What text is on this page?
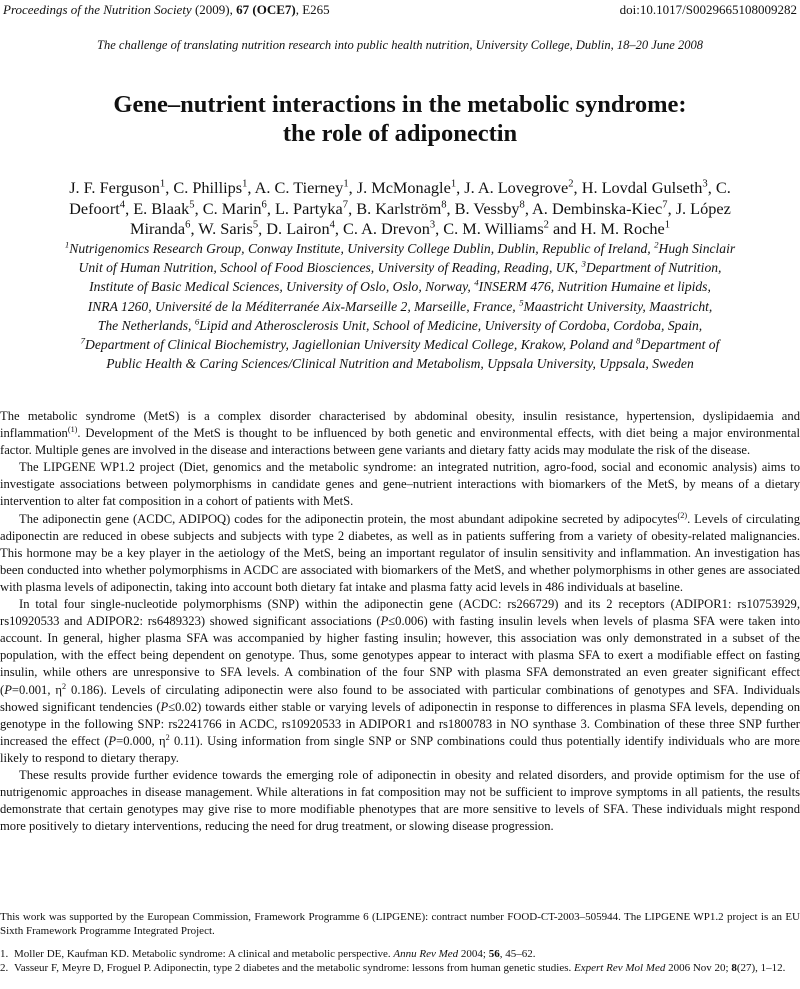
Proceedings of the Nutrition Society (2009), 67 (OCE7), E265	doi:10.1017/S0029665108009282
The challenge of translating nutrition research into public health nutrition, University College, Dublin, 18–20 June 2008
Gene–nutrient interactions in the metabolic syndrome:
the role of adiponectin
J. F. Ferguson$^1$, C. Phillips$^1$, A. C. Tierney$^1$, J. McMonagle$^1$, J. A. Lovegrove$^2$, H. Lovdal Gulseth$^3$, C.
Defoort$^4$, E. Blaak$^5$, C. Marin$^6$, L. Partyka$^7$, B. Karlström$^8$, B. Vessby$^8$, A. Dembinska-Kiec$^7$, J. López
Miranda$^6$, W. Saris$^5$, D. Lairon$^4$, C. A. Drevon$^3$, C. M. Williams$^2$ and H. M. Roche$^1$
$^1$Nutrigenomics Research Group, Conway Institute, University College Dublin, Dublin, Republic of Ireland, $^2$Hugh Sinclair
Unit of Human Nutrition, School of Food Biosciences, University of Reading, Reading, UK, $^3$Department of Nutrition,
Institute of Basic Medical Sciences, University of Oslo, Oslo, Norway, $^4$INSERM 476, Nutrition Humaine et lipids,
INRA 1260, Université de la Méditerranée Aix-Marseille 2, Marseille, France, $^5$Maastricht University, Maastricht,
The Netherlands, $^6$Lipid and Atherosclerosis Unit, School of Medicine, University of Cordoba, Cordoba, Spain,
$^7$Department of Clinical Biochemistry, Jagiellonian University Medical College, Krakow, Poland and $^8$Department of
Public Health & Caring Sciences/Clinical Nutrition and Metabolism, Uppsala University, Uppsala, Sweden

The metabolic syndrome (MetS) is a complex disorder characterised by abdominal obesity, insulin resistance, hypertension, dyslipidaemia and inflammation$^{(1)}$. Development of the MetS is thought to be influenced by both genetic and environmental effects, with diet being a major environmental factor. Multiple genes are involved in the disease and interactions between gene variants and dietary fatty acids may modulate the risk of the disease.

The LIPGENE WP1.2 project (Diet, genomics and the metabolic syndrome: an integrated nutrition, agro-food, social and economic analysis) aims to investigate associations between polymorphisms in candidate genes and gene–nutrient interactions with biomarkers of the MetS, by means of a dietary intervention to alter fat composition in a cohort of patients with MetS.

The adiponectin gene (ACDC, ADIPOQ) codes for the adiponectin protein, the most abundant adipokine secreted by adipocytes$^{(2)}$. Levels of circulating adiponectin are reduced in obese subjects and subjects with type 2 diabetes, as well as in patients suffering from a variety of obesity-related malignancies. This hormone may be a key player in the aetiology of the MetS, being an important regulator of insulin sensitivity and inflammation. An investigation has been conducted into whether polymorphisms in ACDC are associated with biomarkers of the MetS, and whether polymorphisms in other genes are associated with plasma levels of adiponectin, taking into account both dietary fat intake and plasma fatty acid levels in 486 individuals at baseline.

In total four single-nucleotide polymorphisms (SNP) within the adiponectin gene (ACDC: rs266729) and its 2 receptors (ADIPOR1: rs10753929, rs10920533 and ADIPOR2: rs6489323) showed significant associations (P≤0.006) with fasting insulin levels when levels of plasma SFA were taken into account. In general, higher plasma SFA was accompanied by higher fasting insulin; however, this association was only demonstrated in a subset of the population, with the effect being dependent on genotype. Thus, some genotypes appear to interact with plasma SFA to exert a modifiable effect on fasting insulin, while others are unresponsive to SFA levels. A combination of the four SNP with plasma SFA demonstrated an even greater significant effect (P=0.001, $\eta^2$ 0.186). Levels of circulating adiponectin were also found to be associated with particular combinations of genotypes and SFA. Individuals showed significant tendencies (P≤0.02) towards either stable or varying levels of adiponectin in response to differences in plasma SFA levels, depending on genotype in the following SNP: rs2241766 in ACDC, rs10920533 in ADIPOR1 and rs1800783 in NO synthase 3. Combination of these three SNP further increased the effect (P=0.000, $\eta^2$ 0.11). Using information from single SNP or SNP combinations could thus potentially identify individuals who are more likely to respond to dietary therapy.

These results provide further evidence towards the emerging role of adiponectin in obesity and related disorders, and provide optimism for the use of nutrigenomic approaches in disease management. While alterations in fat composition may not be sufficient to improve symptoms in all patients, the results demonstrate that certain genotypes may give rise to more modifiable phenotypes that are more sensitive to levels of SFA. These individuals might respond more positively to dietary interventions, reducing the need for drug treatment, or slowing disease progression.

This work was supported by the European Commission, Framework Programme 6 (LIPGENE): contract number FOOD-CT-2003–505944. The LIPGENE WP1.2 project is an EU Sixth Framework Programme Integrated Project.
1. Moller DE, Kaufman KD. Metabolic syndrome: A clinical and metabolic perspective. Annu Rev Med 2004; 56, 45–62.
2. Vasseur F, Meyre D, Froguel P. Adiponectin, type 2 diabetes and the metabolic syndrome: lessons from human genetic studies. Expert Rev Mol Med 2006 Nov 20; 8(27), 1–12.
